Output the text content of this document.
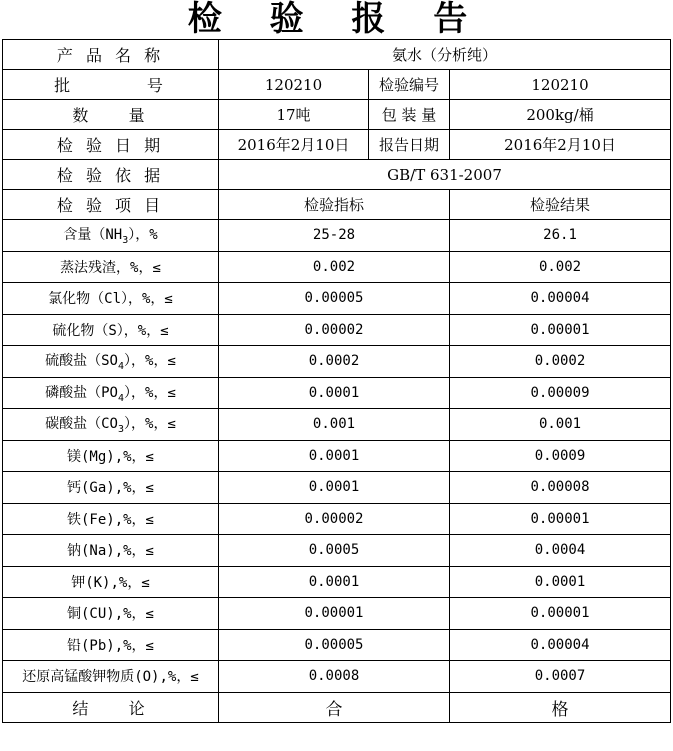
检 验 报 告
产 品 名 称	氨水（分析纯）		
批        号	120210	检验编号	120210
数    量	17吨	包 装 量	200kg/桶
检 验 日 期	2016年2月10日	报告日期	2016年2月10日
检 验 依 据	GB/T 631-2007		
检 验 项 目	检验指标		检验结果
含量$(NH_3)$，%	25-28		26.1
蒸法残渣，%，≤	0.002		0.002
氯化物（Cl），%，≤	0.00005		0.00004
硫化物（S），%，≤	0.00002		0.00001
硫酸盐$(SO_4)$，%，≤	0.0002		0.0002
磷酸盐$(PO_4)$，%，≤	0.0001		0.00009
碳酸盐$(CO_3)$，%，≤	0.001		0.001
镁(Mg),%，≤	0.0001		0.0009
钙(Ga),%，≤	0.0001		0.00008
铁(Fe),%，≤	0.00002		0.00001
钠(Na),%，≤	0.0005		0.0004
钾(K),%，≤	0.0001		0.0001
铜(CU),%，≤	0.00001		0.00001
铅(Pb),%，≤	0.00005		0.00004
还原高锰酸钾物质(O),%，≤	0.0008		0.0007
结    论	合		格
